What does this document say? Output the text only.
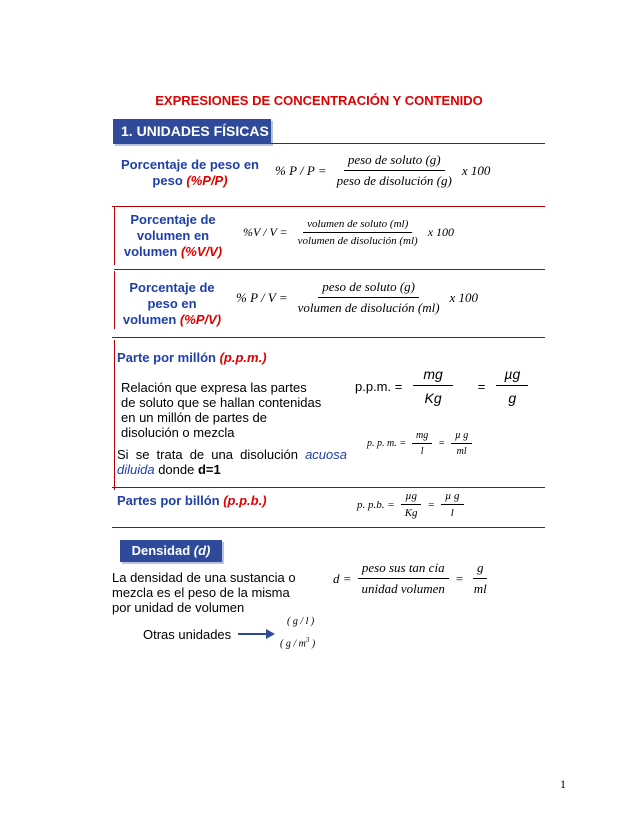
EXPRESIONES DE CONCENTRACIÓN Y CONTENIDO
1. UNIDADES FÍSICAS
Porcentaje de peso en
peso (%P/P)
% $P / P = \frac{\text{peso de soluto (g)}}{\text{peso de disolución (g)}}$ x 100
Porcentaje de
volumen en
volumen (%V/V)
$\%V / V = \frac{\text{volumen de soluto (ml)}}{\text{volumen de disolución (ml)}}$ x 100
Porcentaje de
peso en
volumen (%P/V)
% $P / V = \frac{\text{peso de soluto (g)}}{\text{volumen de disolución (ml)}}$ x 100
Parte por millón (p.p.m.)
Relación que expresa las partes
de soluto que se hallan contenidas
en un millón de partes de
disolución o mezcla
Si se trata de una disolución acuosa diluida donde d=1
p.p.m. = $\frac{mg}{Kg} = \frac{\text{µg}}{g}$
p. p. m. = $\frac{mg}{l} = \frac{\text{µ g}}{ml}$
Partes por billón (p.p.b.)	p. p.b. = $\frac{\text{µg}}{Kg} = \frac{\text{µ g}}{l}$
Densidad (d)
La densidad de una sustancia o
mezcla es el peso de la misma
por unidad de volumen
$d = \frac{\text{peso sus tan cia}}{\text{unidad volumen}} = \frac{g}{ml}$
Otras unidades
( g / l )
( g / $m^3$ )
1
